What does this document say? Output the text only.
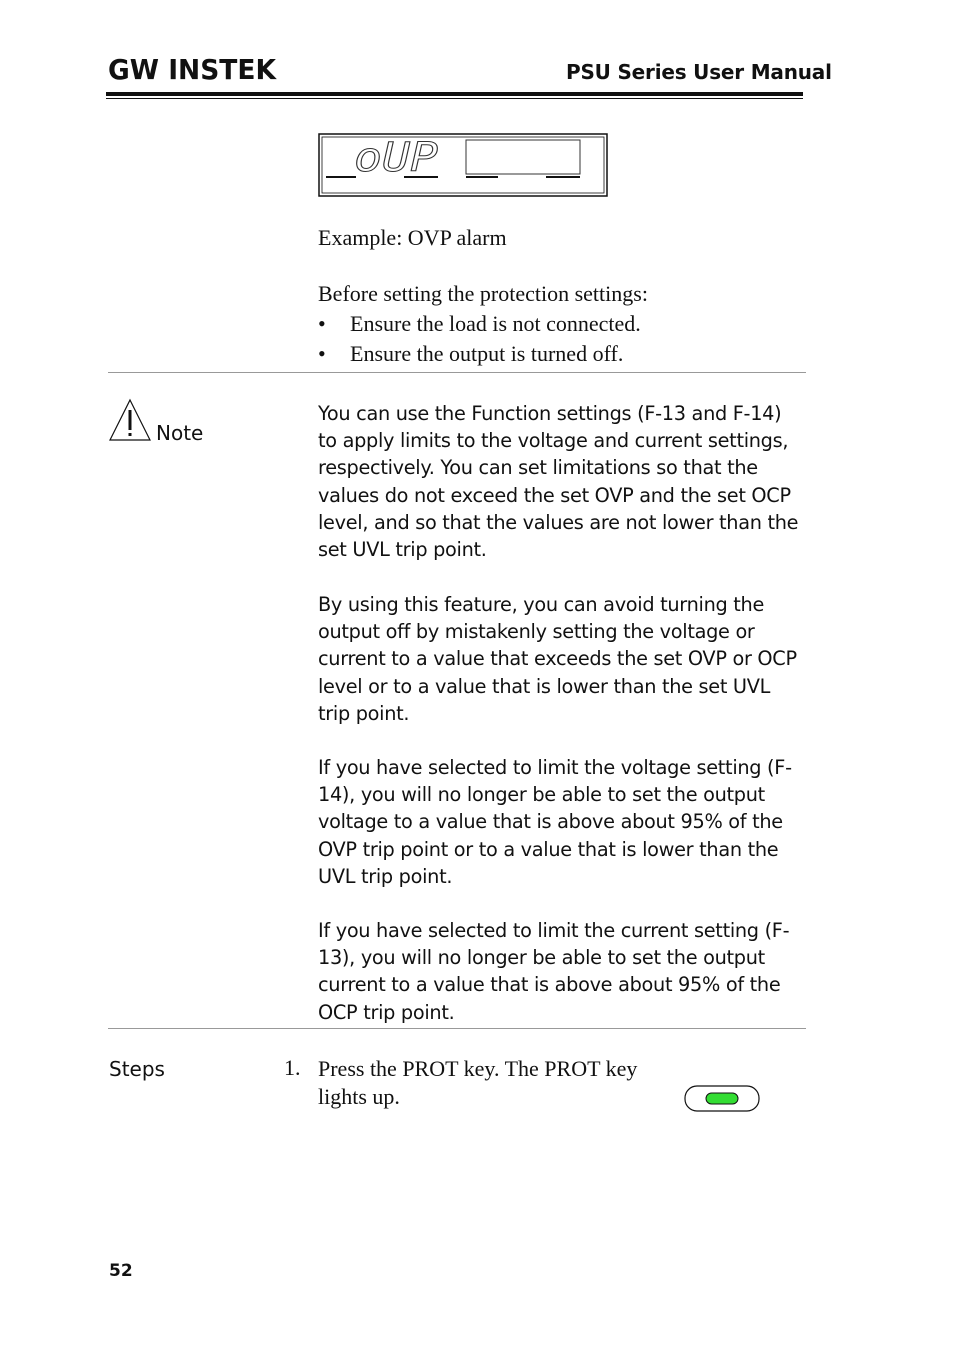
GW INSTEK	PSU Series User Manual
oUP
Example: OVP alarm
Before setting the protection settings:
• Ensure the load is not connected.
• Ensure the output is turned off.
Note

You can use the Function settings (F-13 and F-14) to apply limits to the voltage and current settings, respectively. You can set limitations so that the values do not exceed the set OVP and the set OCP level, and so that the values are not lower than the set UVL trip point.

By using this feature, you can avoid turning the output off by mistakenly setting the voltage or current to a value that exceeds the set OVP or OCP level or to a value that is lower than the set UVL trip point.

If you have selected to limit the voltage setting (F-14), you will no longer be able to set the output voltage to a value that is above about 95% of the OVP trip point or to a value that is lower than the UVL trip point.

If you have selected to limit the current setting (F-13), you will no longer be able to set the output current to a value that is above about 95% of the OCP trip point.

Steps	1. Press the PROT key. The PROT key lights up.
52
